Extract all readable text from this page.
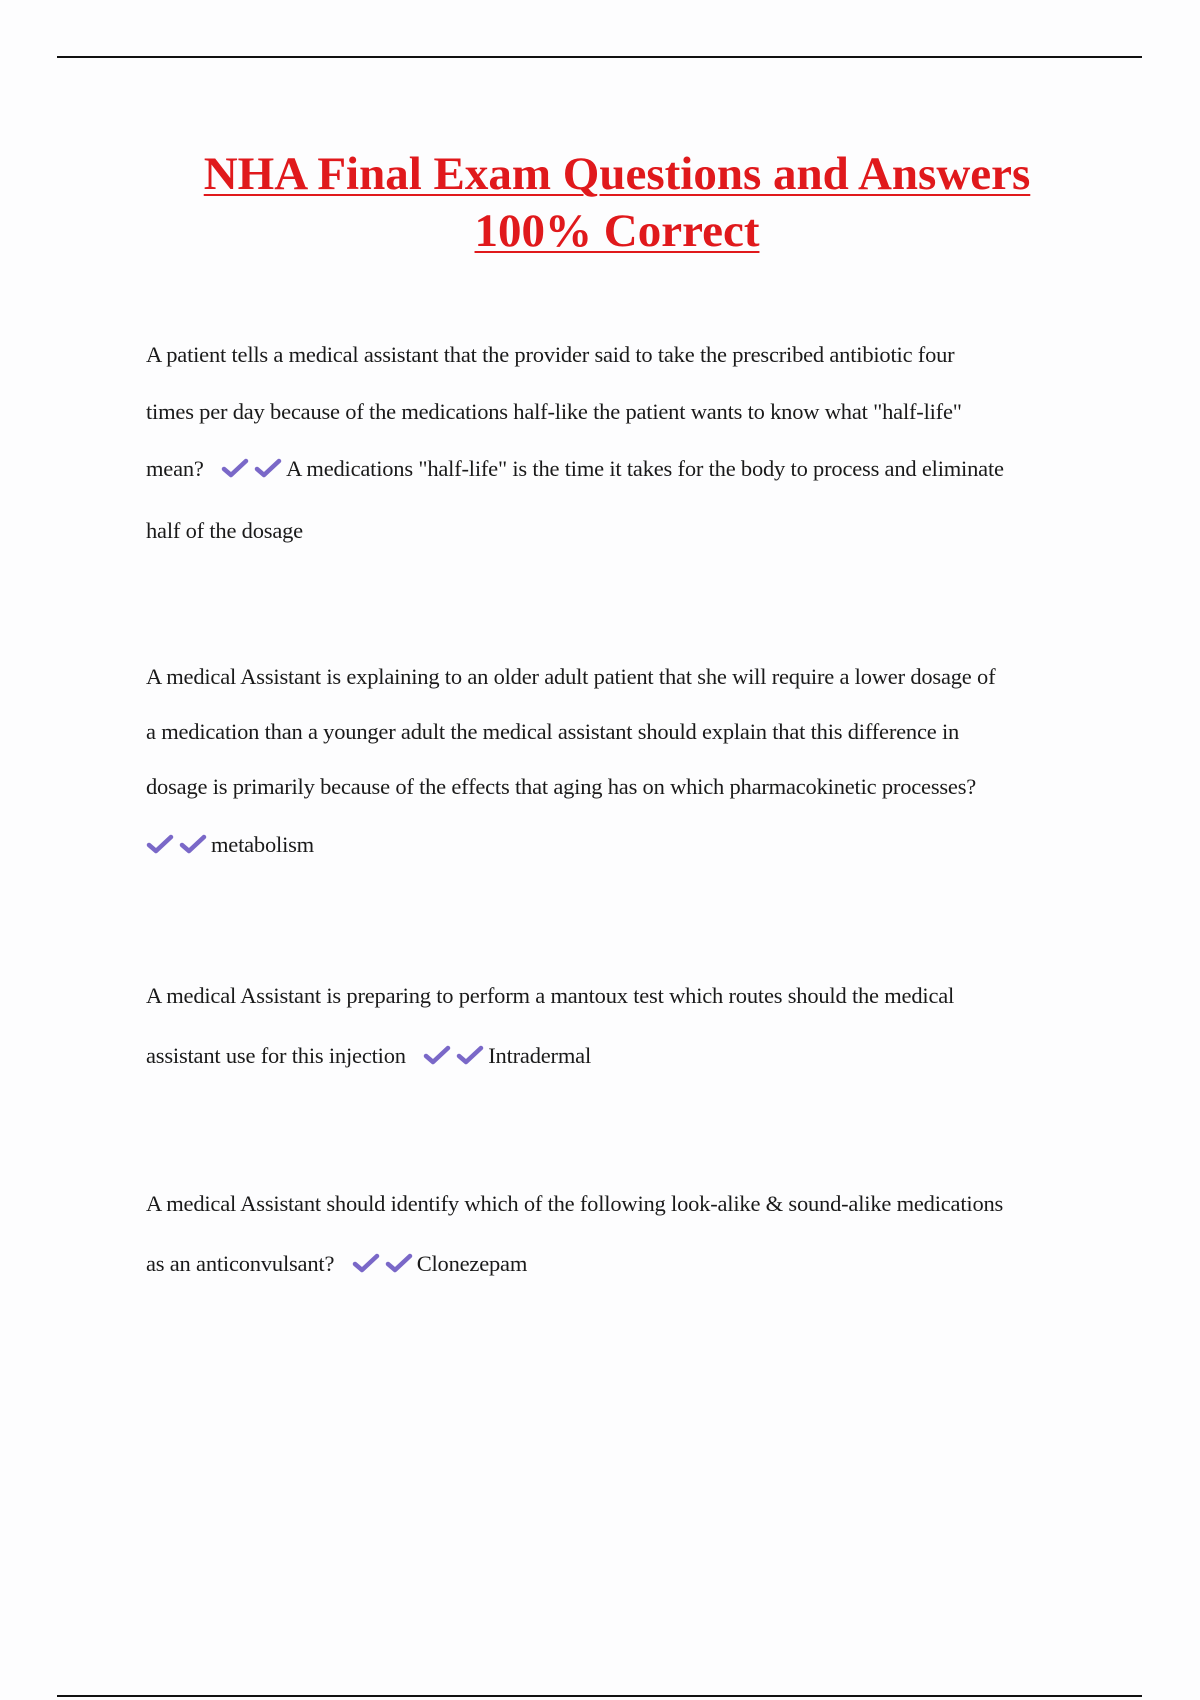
NHA Final Exam Questions and Answers
100% Correct
A patient tells a medical assistant that the provider said to take the prescribed antibiotic four
times per day because of the medications half-like the patient wants to know what "half-life"
mean?	A medications "half-life" is the time it takes for the body to process and eliminate
half of the dosage
A medical Assistant is explaining to an older adult patient that she will require a lower dosage of
a medication than a younger adult the medical assistant should explain that this difference in
dosage is primarily because of the effects that aging has on which pharmacokinetic processes?
metabolism
A medical Assistant is preparing to perform a mantoux test which routes should the medical
assistant use for this injection	Intradermal
A medical Assistant should identify which of the following look-alike & sound-alike medications
as an anticonvulsant?	Clonezepam
